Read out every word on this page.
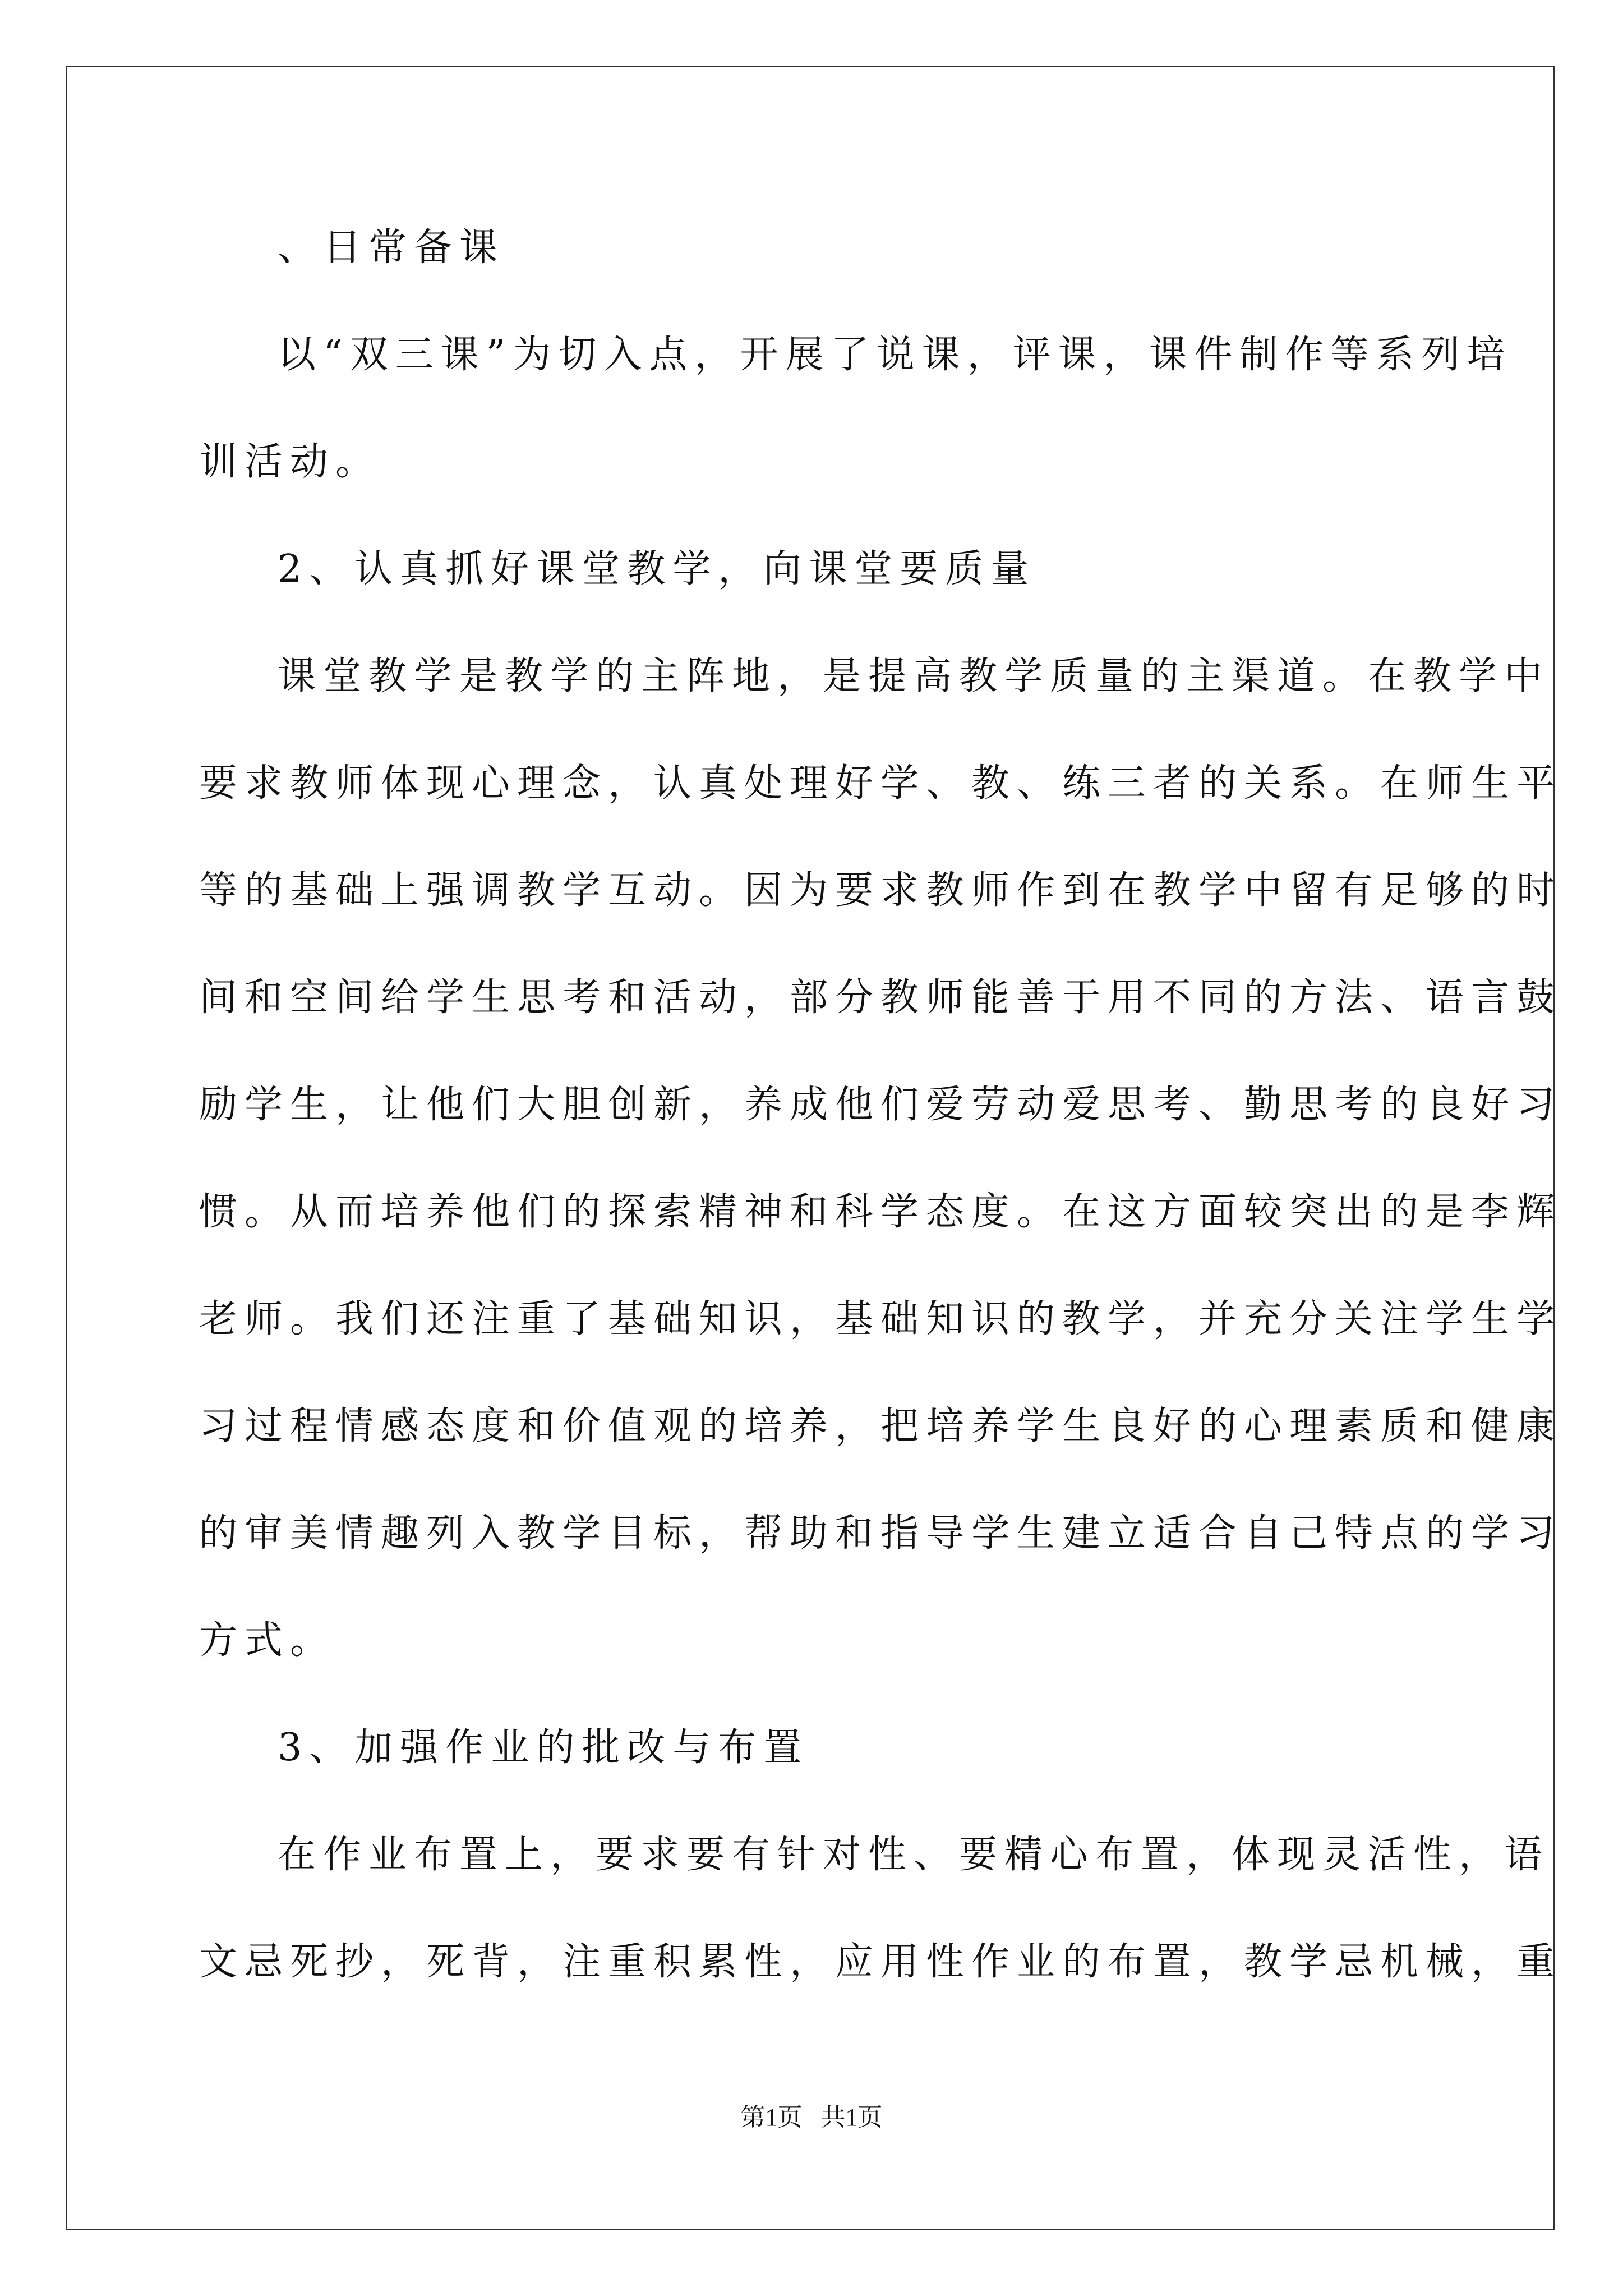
、日常备课
以“双三课”为切入点，开展了说课，评课，课件制作等系列培
训活动。
2、认真抓好课堂教学，向课堂要质量
课堂教学是教学的主阵地，是提高教学质量的主渠道。在教学中
要求教师体现心理念，认真处理好学、教、练三者的关系。在师生平
等的基础上强调教学互动。因为要求教师作到在教学中留有足够的时
间和空间给学生思考和活动，部分教师能善于用不同的方法、语言鼓
励学生，让他们大胆创新，养成他们爱劳动爱思考、勤思考的良好习
惯。从而培养他们的探索精神和科学态度。在这方面较突出的是李辉
老师。我们还注重了基础知识，基础知识的教学，并充分关注学生学
习过程情感态度和价值观的培养，把培养学生良好的心理素质和健康
的审美情趣列入教学目标，帮助和指导学生建立适合自己特点的学习
方式。
3、加强作业的批改与布置
在作业布置上，要求要有针对性、要精心布置，体现灵活性，语
文忌死抄，死背，注重积累性，应用性作业的布置，教学忌机械，重
第1页   共1页
